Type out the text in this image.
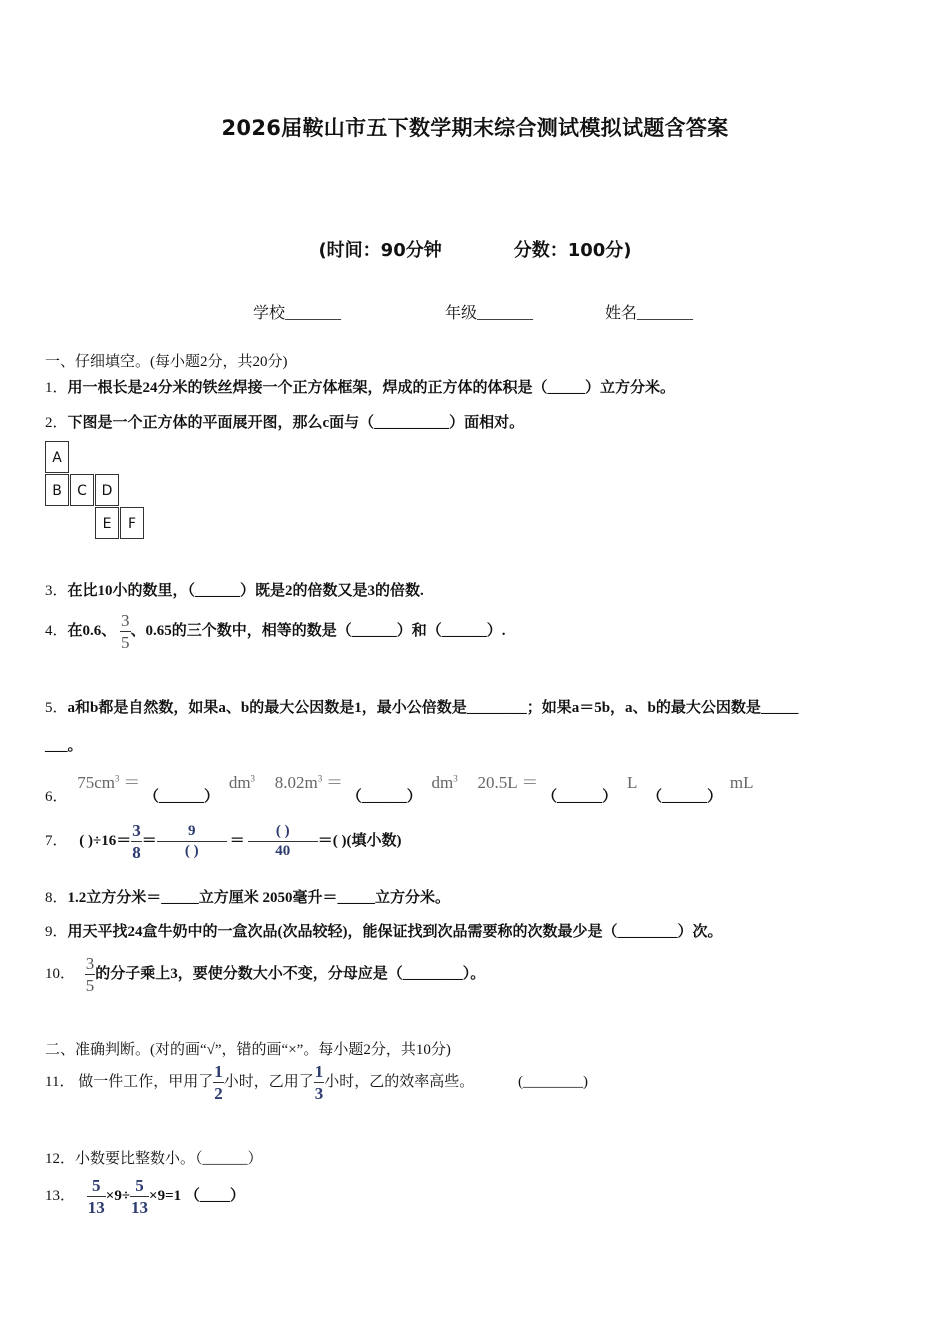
2026届鞍山市五下数学期末综合测试模拟试题含答案
(时间：90分钟	分数：100分)
学校_______	年级_______	姓名_______
一、仔细填空。(每小题2分，共20分)
1．用一根长是24分米的铁丝焊接一个正方体框架，焊成的正方体的体积是（_____）立方分米。
2．下图是一个正方体的平面展开图，那么c面与（__________）面相对。
A
B	C	D
E	F
3．在比10小的数里，（______）既是2的倍数又是3的倍数.
4．在0.6、 $\frac{3}{5}$ 、0.65的三个数中，相等的数是（______）和（______）.
5．a和b都是自然数，如果a、b的最大公因数是1，最小公倍数是________；如果a＝5b，a、b的最大公因数是_____
___。
6． $75cm^3$ ＝ （______） $dm^3$ $8.02m^3$ ＝ （______） $dm^3$ 20.5L ＝ （______） L （______） mL
7． ( )$\div 16= \frac{3}{8} = \frac{9}{( )} = \frac{( )}{40}$ ＝( )(填小数)
8．1.2立方分米＝_____立方厘米 2050毫升＝_____立方分米。
9．用天平找24盒牛奶中的一盒次品(次品较轻)，能保证找到次品需要称的次数最少是（________）次。
10． $\frac{3}{5}$ 的分子乘上3，要使分数大小不变，分母应是（________）。
二、准确判断。(对的画“√”，错的画“×”。每小题2分，共10分)
11． 做一件工作，甲用了 $\frac{1}{2}$ 小时，乙用了 $\frac{1}{3}$ 小时，乙的效率高些。	(________)
12．小数要比整数小。（______）
13． $\frac{5}{13} \times 9\div \frac{5}{13} \times 9=1$ （____）
